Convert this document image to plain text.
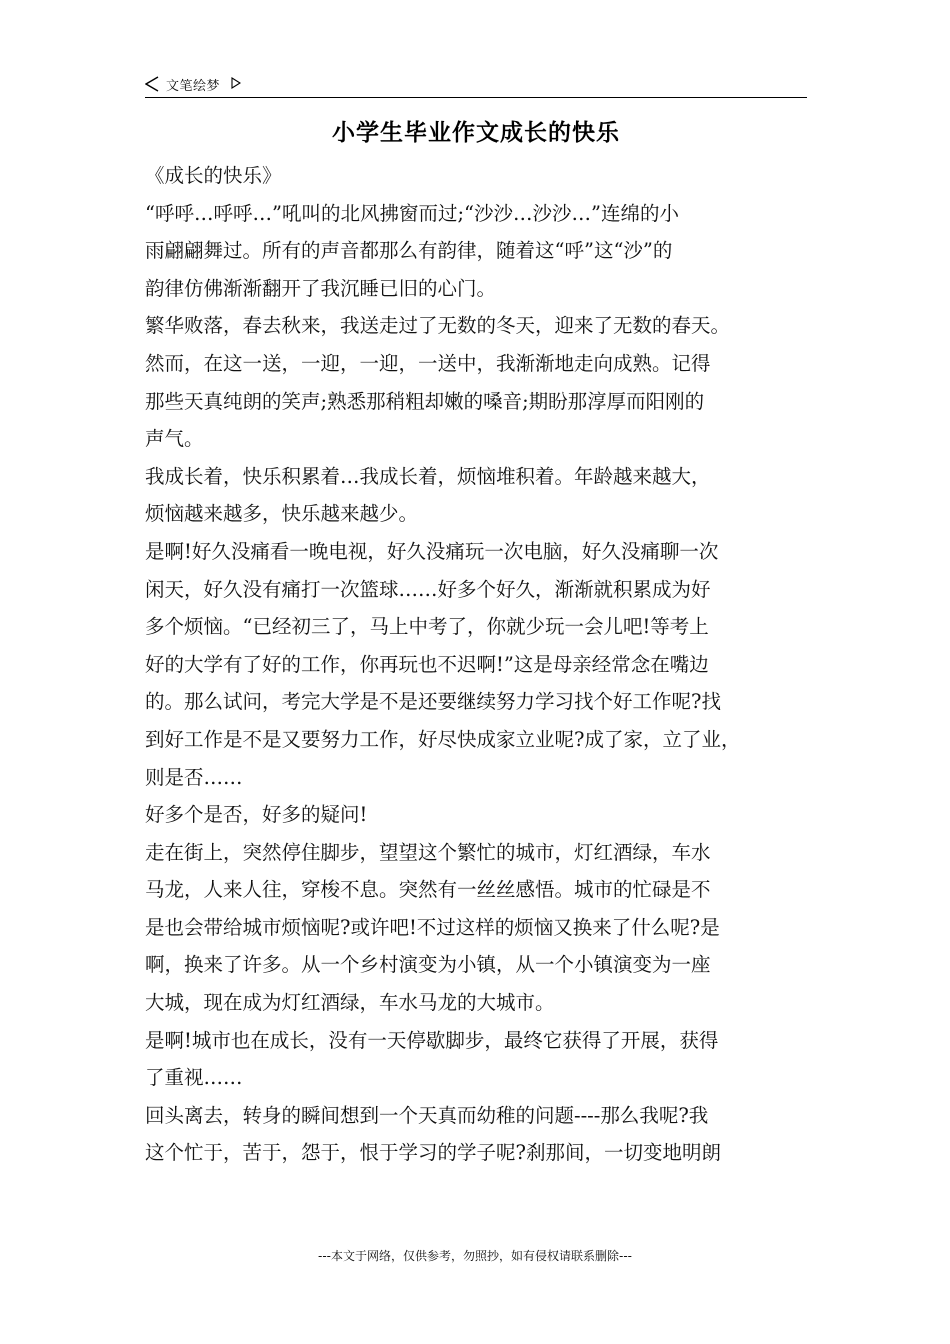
文笔绘梦
小学生毕业作文成长的快乐
《成长的快乐》
“呼呼…呼呼…”吼叫的北风拂窗而过;“沙沙…沙沙…”连绵的小
雨翩翩舞过。所有的声音都那么有韵律，随着这“呼”这“沙”的
韵律仿佛渐渐翻开了我沉睡已旧的心门。
繁华败落，春去秋来，我送走过了无数的冬天，迎来了无数的春天。
然而，在这一送，一迎，一迎，一送中，我渐渐地走向成熟。记得
那些天真纯朗的笑声;熟悉那稍粗却嫩的嗓音;期盼那淳厚而阳刚的
声气。
我成长着，快乐积累着…我成长着，烦恼堆积着。年龄越来越大，
烦恼越来越多，快乐越来越少。
是啊!好久没痛看一晚电视，好久没痛玩一次电脑，好久没痛聊一次
闲天，好久没有痛打一次篮球……好多个好久，渐渐就积累成为好
多个烦恼。“已经初三了，马上中考了，你就少玩一会儿吧!等考上
好的大学有了好的工作，你再玩也不迟啊!”这是母亲经常念在嘴边
的。那么试问，考完大学是不是还要继续努力学习找个好工作呢?找
到好工作是不是又要努力工作，好尽快成家立业呢?成了家，立了业，
则是否……
好多个是否，好多的疑问!
走在街上，突然停住脚步，望望这个繁忙的城市，灯红酒绿，车水
马龙，人来人往，穿梭不息。突然有一丝丝感悟。城市的忙碌是不
是也会带给城市烦恼呢?或许吧!不过这样的烦恼又换来了什么呢?是
啊，换来了许多。从一个乡村演变为小镇，从一个小镇演变为一座
大城，现在成为灯红酒绿，车水马龙的大城市。
是啊!城市也在成长，没有一天停歇脚步，最终它获得了开展，获得
了重视……
回头离去，转身的瞬间想到一个天真而幼稚的问题----那么我呢?我
这个忙于，苦于，怨于，恨于学习的学子呢?刹那间，一切变地明朗
---本文于网络，仅供参考，勿照抄，如有侵权请联系删除---
